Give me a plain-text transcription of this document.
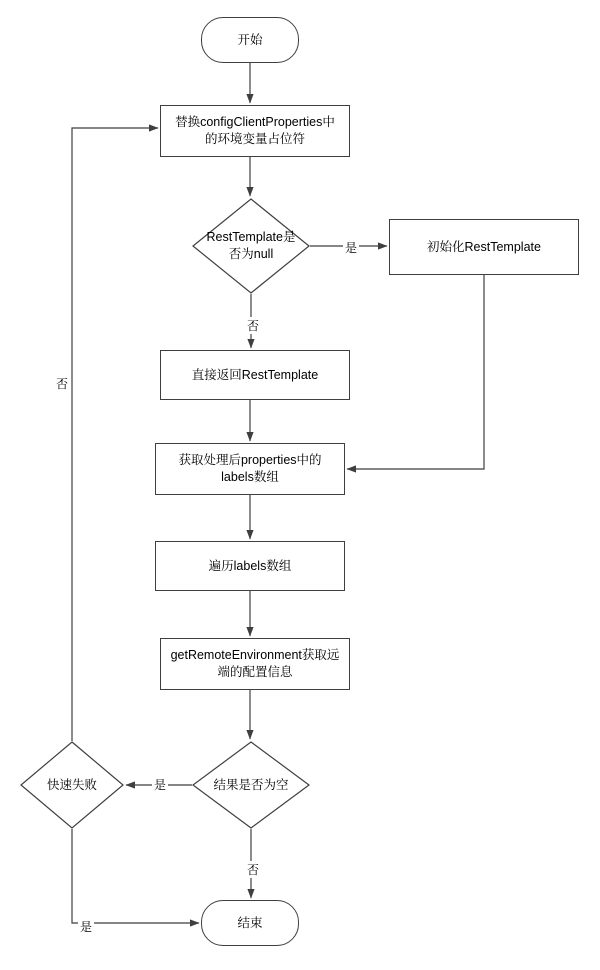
开始
替换configClientProperties中的环境变量占位符
RestTemplate是否为null
初始化RestTemplate
直接返回RestTemplate
获取处理后properties中的labels数组
遍历labels数组
getRemoteEnvironment获取远端的配置信息
结果是否为空
快速失败
结束
是
否
是
否
否
是
